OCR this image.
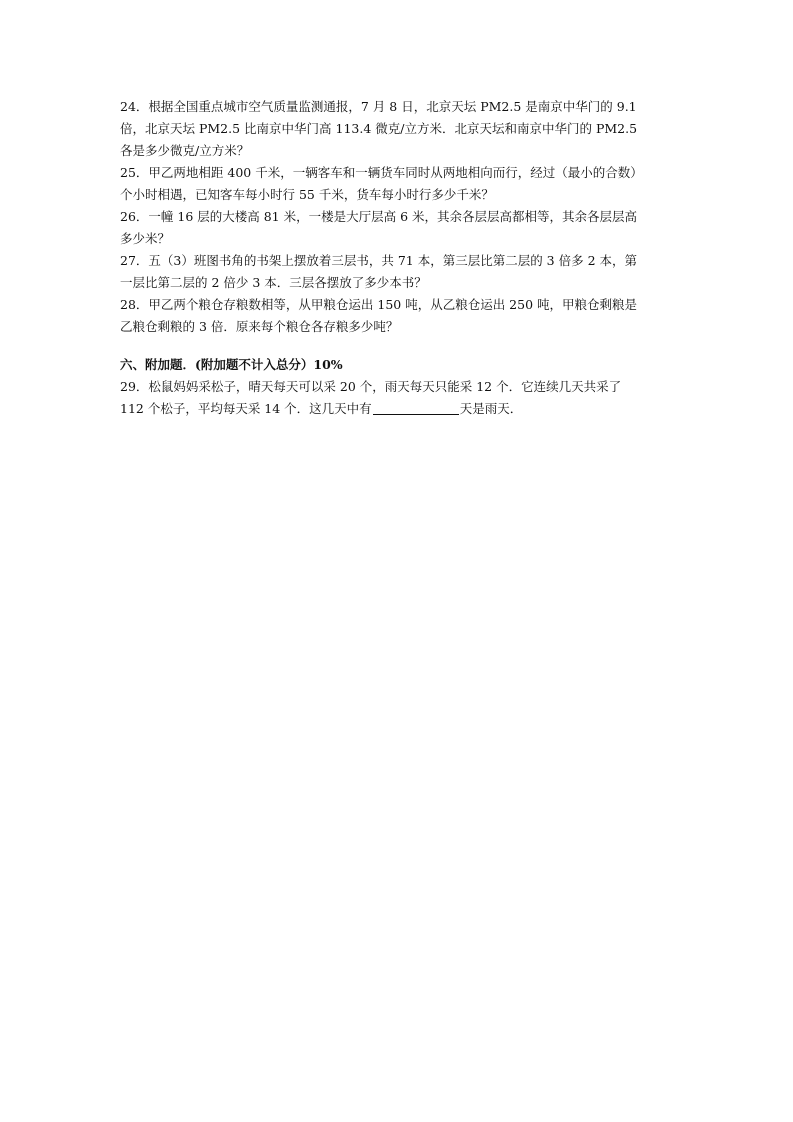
24．根据全国重点城市空气质量监测通报，7 月 8 日，北京天坛 PM2.5 是南京中华门的 9.1
倍，北京天坛 PM2.5 比南京中华门高 113.4 微克/立方米．北京天坛和南京中华门的 PM2.5
各是多少微克/立方米？
25．甲乙两地相距 400 千米，一辆客车和一辆货车同时从两地相向而行，经过（最小的合数）
个小时相遇，已知客车每小时行 55 千米，货车每小时行多少千米？
26．一幢 16 层的大楼高 81 米，一楼是大厅层高 6 米，其余各层层高都相等，其余各层层高
多少米？
27．五（3）班图书角的书架上摆放着三层书，共 71 本，第三层比第二层的 3 倍多 2 本，第
一层比第二层的 2 倍少 3 本．三层各摆放了多少本书？
28．甲乙两个粮仓存粮数相等，从甲粮仓运出 150 吨，从乙粮仓运出 250 吨，甲粮仓剩粮是
乙粮仓剩粮的 3 倍．原来每个粮仓各存粮多少吨？
六、附加题．(附加题不计入总分）10%
29．松鼠妈妈采松子，晴天每天可以采 20 个，雨天每天只能采 12 个．它连续几天共采了
112 个松子，平均每天采 14 个．这几天中有	天是雨天．
